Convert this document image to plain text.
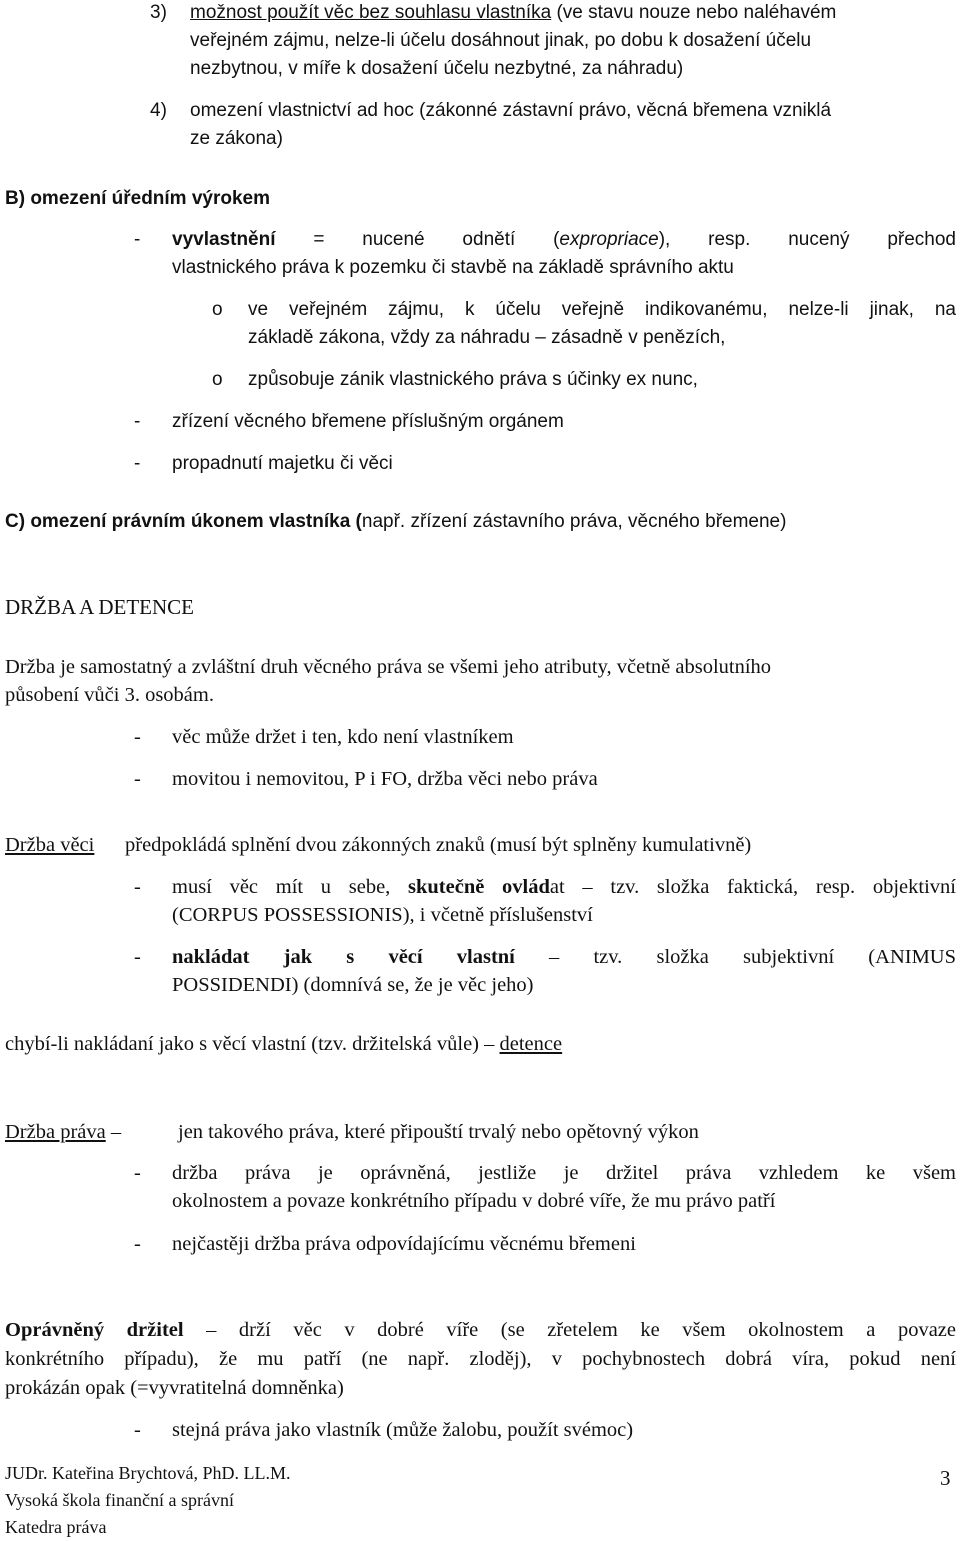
3) možnost použít věc bez souhlasu vlastníka (ve stavu nouze nebo naléhavém
veřejném zájmu, nelze-li účelu dosáhnout jinak, po dobu k dosažení účelu
nezbytnou, v míře k dosažení účelu nezbytné, za náhradu)
4) omezení vlastnictví ad hoc (zákonné zástavní právo, věcná břemena vzniklá
ze zákona)
B) omezení úředním výrokem
- vyvlastnění = nucené odnětí (expropriace), resp. nucený přechod
vlastnického práva k pozemku či stavbě na základě správního aktu
o ve veřejném zájmu, k účelu veřejně indikovanému, nelze-li jinak, na
základě zákona, vždy za náhradu – zásadně v penězích,
o způsobuje zánik vlastnického práva s účinky ex nunc,
- zřízení věcného břemene příslušným orgánem
- propadnutí majetku či věci
C) omezení právním úkonem vlastníka (např. zřízení zástavního práva, věcného břemene)
DRŽBA A DETENCE
Držba je samostatný a zvláštní druh věcného práva se všemi jeho atributy, včetně absolutního
působení vůči 3. osobám.
- věc může držet i ten, kdo není vlastníkem
- movitou i nemovitou, P i FO, držba věci nebo práva
Držba věci předpokládá splnění dvou zákonných znaků (musí být splněny kumulativně)
- musí věc mít u sebe, skutečně ovládat – tzv. složka faktická, resp. objektivní
(CORPUS POSSESSIONIS), i včetně příslušenství
- nakládat jak s věcí vlastní – tzv. složka subjektivní (ANIMUS
POSSIDENDI) (domnívá se, že je věc jeho)
chybí-li nakládaní jako s věcí vlastní (tzv. držitelská vůle) – detence
Držba práva –	jen takového práva, které připouští trvalý nebo opětovný výkon
- držba práva je oprávněná, jestliže je držitel práva vzhledem ke všem
okolnostem a povaze konkrétního případu v dobré víře, že mu právo patří
- nejčastěji držba práva odpovídajícímu věcnému břemeni
Oprávněný držitel – drží věc v dobré víře (se zřetelem ke všem okolnostem a povaze
konkrétního případu), že mu patří (ne např. zloděj), v pochybnostech dobrá víra, pokud není
prokázán opak (=vyvratitelná domněnka)
- stejná práva jako vlastník (může žalobu, použít svémoc)
JUDr. Kateřina Brychtová, PhD. LL.M.
Vysoká škola finanční a správní
Katedra práva
3
